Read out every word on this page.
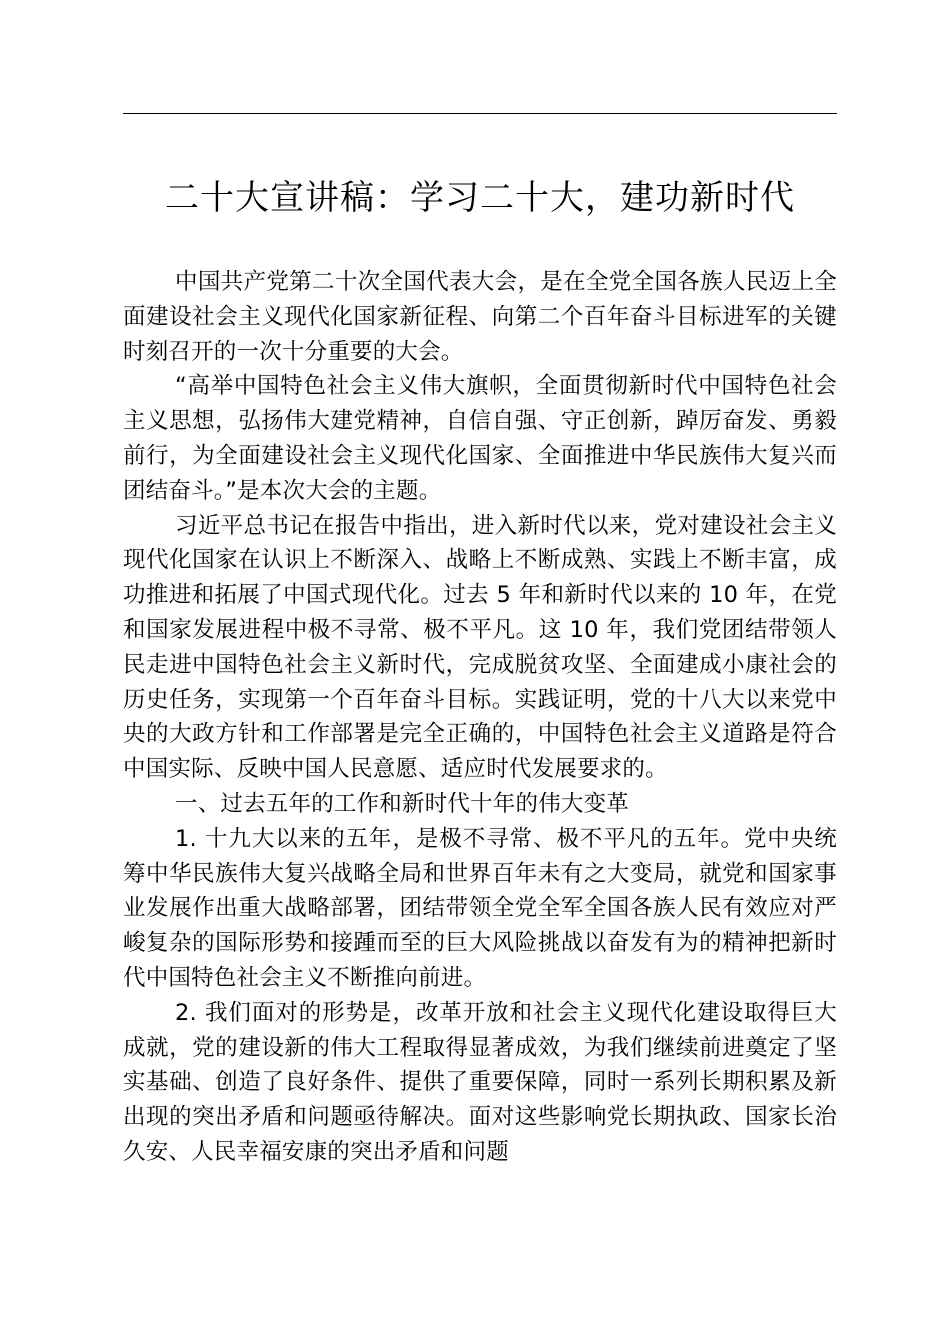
二十大宣讲稿：学习二十大，建功新时代

中国共产党第二十次全国代表大会，是在全党全国各族人民迈上全面建设社会主义现代化国家新征程、向第二个百年奋斗目标进军的关键时刻召开的一次十分重要的大会。

“高举中国特色社会主义伟大旗帜，全面贯彻新时代中国特色社会主义思想，弘扬伟大建党精神，自信自强、守正创新，踔厉奋发、勇毅前行，为全面建设社会主义现代化国家、全面推进中华民族伟大复兴而团结奋斗。”是本次大会的主题。

习近平总书记在报告中指出，进入新时代以来，党对建设社会主义现代化国家在认识上不断深入、战略上不断成熟、实践上不断丰富，成功推进和拓展了中国式现代化。过去 5 年和新时代以来的 10 年，在党和国家发展进程中极不寻常、极不平凡。这 10 年，我们党团结带领人民走进中国特色社会主义新时代，完成脱贫攻坚、全面建成小康社会的历史任务，实现第一个百年奋斗目标。实践证明，党的十八大以来党中央的大政方针和工作部署是完全正确的，中国特色社会主义道路是符合中国实际、反映中国人民意愿、适应时代发展要求的。

一、过去五年的工作和新时代十年的伟大变革

1. 十九大以来的五年，是极不寻常、极不平凡的五年。党中央统筹中华民族伟大复兴战略全局和世界百年未有之大变局，就党和国家事业发展作出重大战略部署，团结带领全党全军全国各族人民有效应对严峻复杂的国际形势和接踵而至的巨大风险挑战以奋发有为的精神把新时代中国特色社会主义不断推向前进。

2. 我们面对的形势是，改革开放和社会主义现代化建设取得巨大成就，党的建设新的伟大工程取得显著成效，为我们继续前进奠定了坚实基础、创造了良好条件、提供了重要保障，同时一系列长期积累及新出现的突出矛盾和问题亟待解决。面对这些影响党长期执政、国家长治久安、人民幸福安康的突出矛盾和问题
